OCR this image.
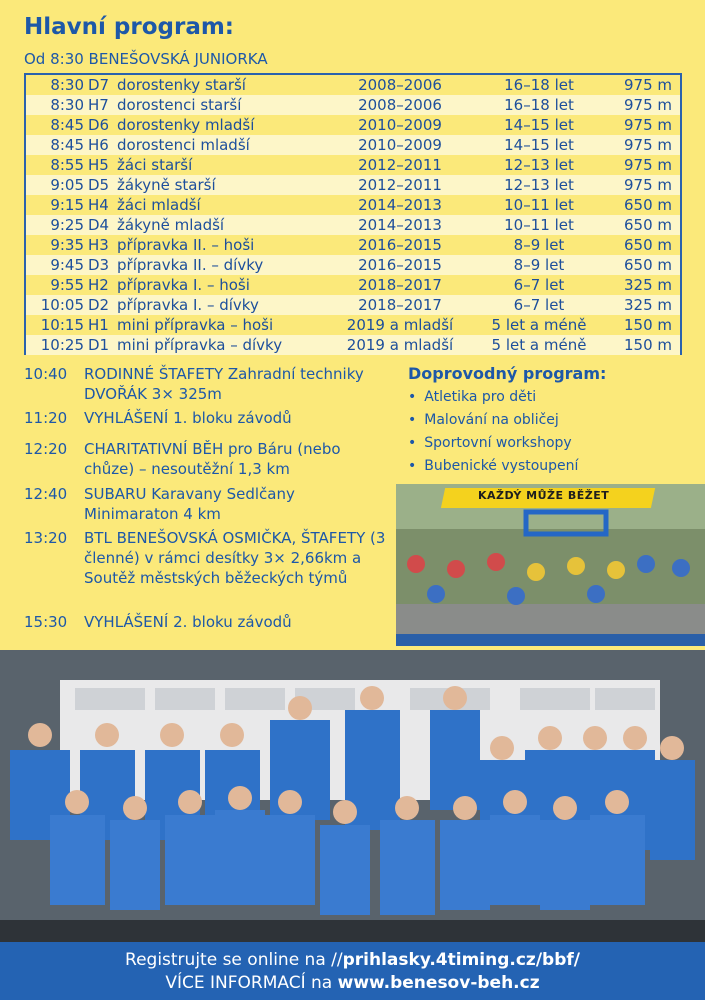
Hlavní program:
Od 8:30 BENEŠOVSKÁ JUNIORKA
8:30 D7 dorostenky starší	2008–2006	16–18 let	975 m
8:30 H7 dorostenci starší	2008–2006	16–18 let	975 m
8:45 D6 dorostenky mladší	2010–2009	14–15 let	975 m
8:45 H6 dorostenci mladší	2010–2009	14–15 let	975 m
8:55 H5 žáci starší	2012–2011	12–13 let	975 m
9:05 D5 žákyně starší	2012–2011	12–13 let	975 m
9:15 H4 žáci mladší	2014–2013	10–11 let	650 m
9:25 D4 žákyně mladší	2014–2013	10–11 let	650 m
9:35 H3 přípravka II. – hoši	2016–2015	8–9 let	650 m
9:45 D3 přípravka II. – dívky	2016–2015	8–9 let	650 m
9:55 H2 přípravka I. – hoši	2018–2017	6–7 let	325 m
10:05 D2 přípravka I. – dívky	2018–2017	6–7 let	325 m
10:15 H1 mini přípravka – hoši	2019 a mladší	5 let a méně	150 m
10:25 D1 mini přípravka – dívky	2019 a mladší	5 let a méně	150 m
10:40	RODINNÉ ŠTAFETY Zahradní techniky DVOŘÁK 3× 325m
11:20	VYHLÁŠENÍ 1. bloku závodů
12:20	CHARITATIVNÍ BĚH pro Báru (nebo chůze) – nesoutěžní 1,3 km
12:40	SUBARU Karavany Sedlčany Minimaraton 4 km
13:20	BTL BENEŠOVSKÁ OSMIČKA, ŠTAFETY (3 členné) v rámci desítky 3× 2,66km a Soutěž městských běžeckých týmů
15:30	VYHLÁŠENÍ 2. bloku závodů
Doprovodný program:
• Atletika pro děti
• Malování na obličej
• Sportovní workshopy
• Bubenické vystoupení
KAŽDÝ MŮŽE BĚŽET
Registrujte se online na //prihlasky.4timing.cz/bbf/
VÍCE INFORMACÍ na www.benesov-beh.cz
